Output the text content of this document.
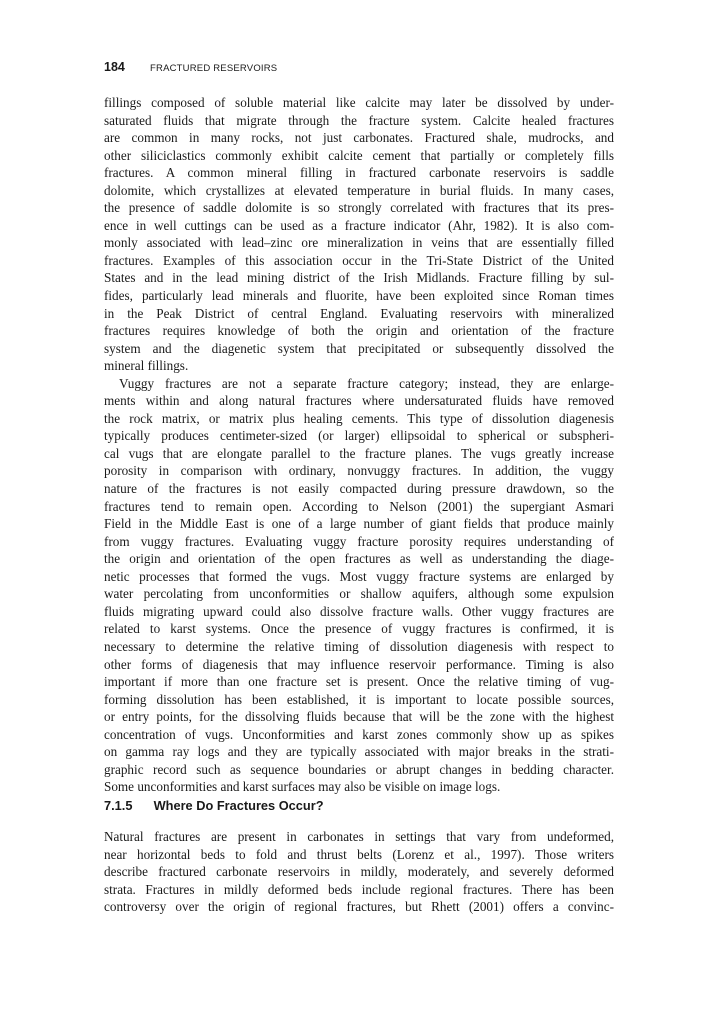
184	FRACTURED RESERVOIRS
fillings composed of soluble material like calcite may later be dissolved by under-
saturated fluids that migrate through the fracture system. Calcite healed fractures
are common in many rocks, not just carbonates. Fractured shale, mudrocks, and
other siliciclastics commonly exhibit calcite cement that partially or completely fills
fractures. A common mineral filling in fractured carbonate reservoirs is saddle
dolomite, which crystallizes at elevated temperature in burial fluids. In many cases,
the presence of saddle dolomite is so strongly correlated with fractures that its pres-
ence in well cuttings can be used as a fracture indicator (Ahr, 1982). It is also com-
monly associated with lead–zinc ore mineralization in veins that are essentially filled
fractures. Examples of this association occur in the Tri-State District of the United
States and in the lead mining district of the Irish Midlands. Fracture filling by sul-
fides, particularly lead minerals and fluorite, have been exploited since Roman times
in the Peak District of central England. Evaluating reservoirs with mineralized
fractures requires knowledge of both the origin and orientation of the fracture
system and the diagenetic system that precipitated or subsequently dissolved the
mineral fillings.
Vuggy fractures are not a separate fracture category; instead, they are enlarge-
ments within and along natural fractures where undersaturated fluids have removed
the rock matrix, or matrix plus healing cements. This type of dissolution diagenesis
typically produces centimeter-sized (or larger) ellipsoidal to spherical or subspheri-
cal vugs that are elongate parallel to the fracture planes. The vugs greatly increase
porosity in comparison with ordinary, nonvuggy fractures. In addition, the vuggy
nature of the fractures is not easily compacted during pressure drawdown, so the
fractures tend to remain open. According to Nelson (2001) the supergiant Asmari
Field in the Middle East is one of a large number of giant fields that produce mainly
from vuggy fractures. Evaluating vuggy fracture porosity requires understanding of
the origin and orientation of the open fractures as well as understanding the diage-
netic processes that formed the vugs. Most vuggy fracture systems are enlarged by
water percolating from unconformities or shallow aquifers, although some expulsion
fluids migrating upward could also dissolve fracture walls. Other vuggy fractures are
related to karst systems. Once the presence of vuggy fractures is confirmed, it is
necessary to determine the relative timing of dissolution diagenesis with respect to
other forms of diagenesis that may influence reservoir performance. Timing is also
important if more than one fracture set is present. Once the relative timing of vug-
forming dissolution has been established, it is important to locate possible sources,
or entry points, for the dissolving fluids because that will be the zone with the highest
concentration of vugs. Unconformities and karst zones commonly show up as spikes
on gamma ray logs and they are typically associated with major breaks in the strati-
graphic record such as sequence boundaries or abrupt changes in bedding character.
Some unconformities and karst surfaces may also be visible on image logs.
7.1.5 Where Do Fractures Occur?
Natural fractures are present in carbonates in settings that vary from undeformed,
near horizontal beds to fold and thrust belts (Lorenz et al., 1997). Those writers
describe fractured carbonate reservoirs in mildly, moderately, and severely deformed
strata. Fractures in mildly deformed beds include regional fractures. There has been
controversy over the origin of regional fractures, but Rhett (2001) offers a convinc-
